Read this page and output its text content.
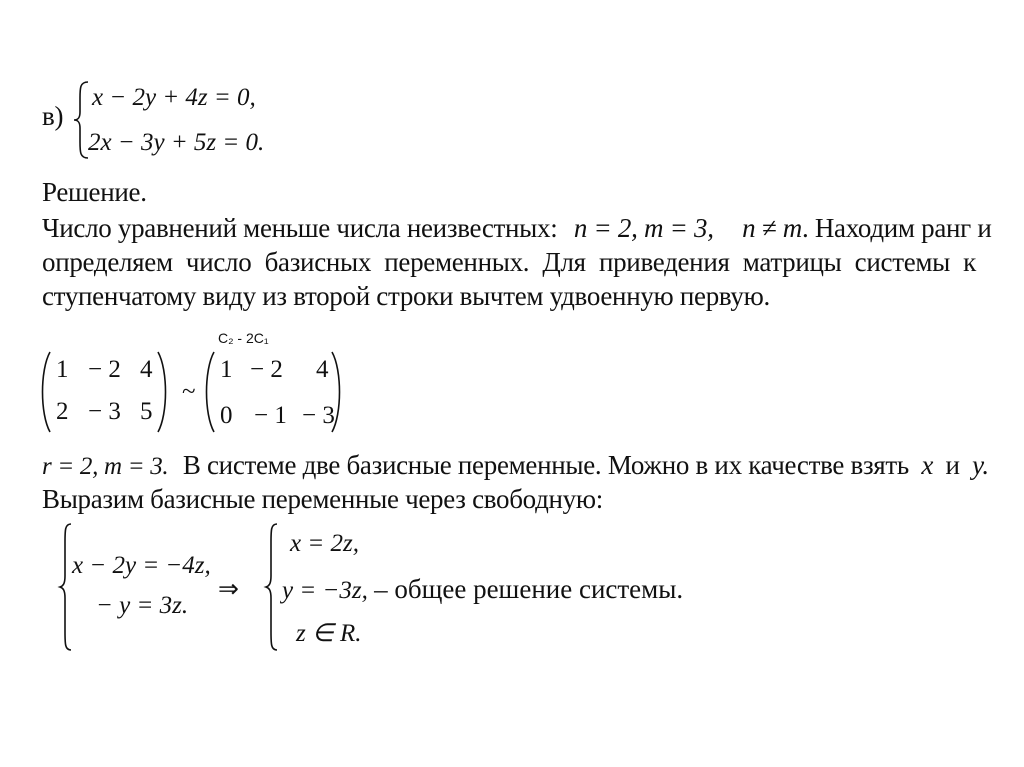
в)
x − 2y + 4z = 0,
2x − 3y + 5z = 0.
Решение.
Число уравнений меньше числа неизвестных: n = 2, m = 3, n ≠ m. Находим ранг и
определяем число базисных переменных. Для приведения матрицы системы к
ступенчатому виду из второй строки вычтем удвоенную первую.
C₂ - 2C₁
1 − 2 4
2 − 3 5
~
1 − 2 4
0 − 1 − 3
r = 2, m = 3. В системе две базисные переменные. Можно в их качестве взять x и y.
Выразим базисные переменные через свободную:
x − 2y = −4z,
− y = 3z.
⇒
x = 2z,
y = −3z, – общее решение системы.
z ∈ R.
